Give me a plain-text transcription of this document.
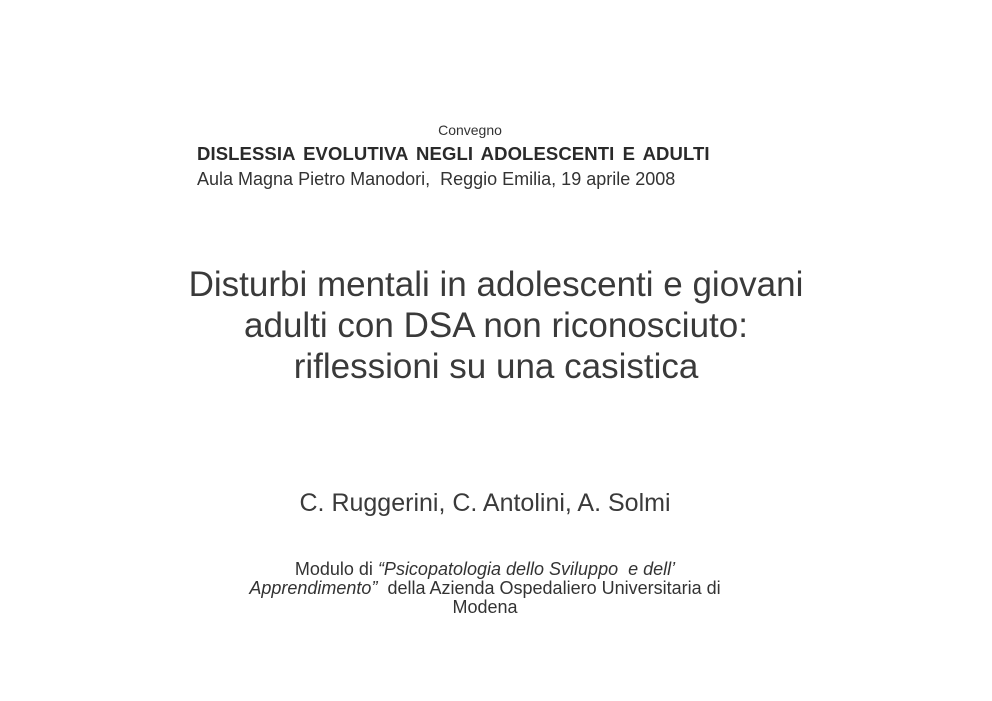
Convegno
DISLESSIA EVOLUTIVA NEGLI ADOLESCENTI E ADULTI
Aula Magna Pietro Manodori,  Reggio Emilia, 19 aprile 2008
Disturbi mentali in adolescenti e giovani
adulti con DSA non riconosciuto:
riflessioni su una casistica
C. Ruggerini, C. Antolini, A. Solmi
Modulo di “Psicopatologia dello Sviluppo  e dell’
Apprendimento”  della Azienda Ospedaliero Universitaria di
Modena
